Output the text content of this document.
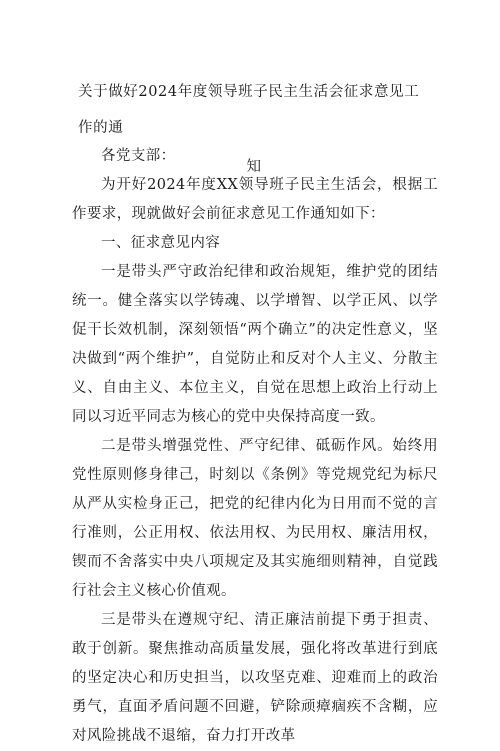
关于做好2024年度领导班子民主生活会征求意见工作的通
知

各党支部：

为开好2024年度XX领导班子民主生活会，根据工作要求，现就做好会前征求意见工作通知如下：

一、征求意见内容

一是带头严守政治纪律和政治规矩，维护党的团结统一。健全落实以学铸魂、以学增智、以学正风、以学促干长效机制，深刻领悟“两个确立”的决定性意义，坚决做到“两个维护”，自觉防止和反对个人主义、分散主义、自由主义、本位主义，自觉在思想上政治上行动上同以习近平同志为核心的党中央保持高度一致。

二是带头增强党性、严守纪律、砥砺作风。始终用党性原则修身律己，时刻以《条例》等党规党纪为标尺从严从实检身正己，把党的纪律内化为日用而不觉的言行准则，公正用权、依法用权、为民用权、廉洁用权，锲而不舍落实中央八项规定及其实施细则精神，自觉践行社会主义核心价值观。

三是带头在遵规守纪、清正廉洁前提下勇于担责、敢于创新。聚焦推动高质量发展，强化将改革进行到底的坚定决心和历史担当，以攻坚克难、迎难而上的政治勇气，直面矛盾问题不回避，铲除顽瘴痼疾不含糊，应对风险挑战不退缩，奋力打开改革
